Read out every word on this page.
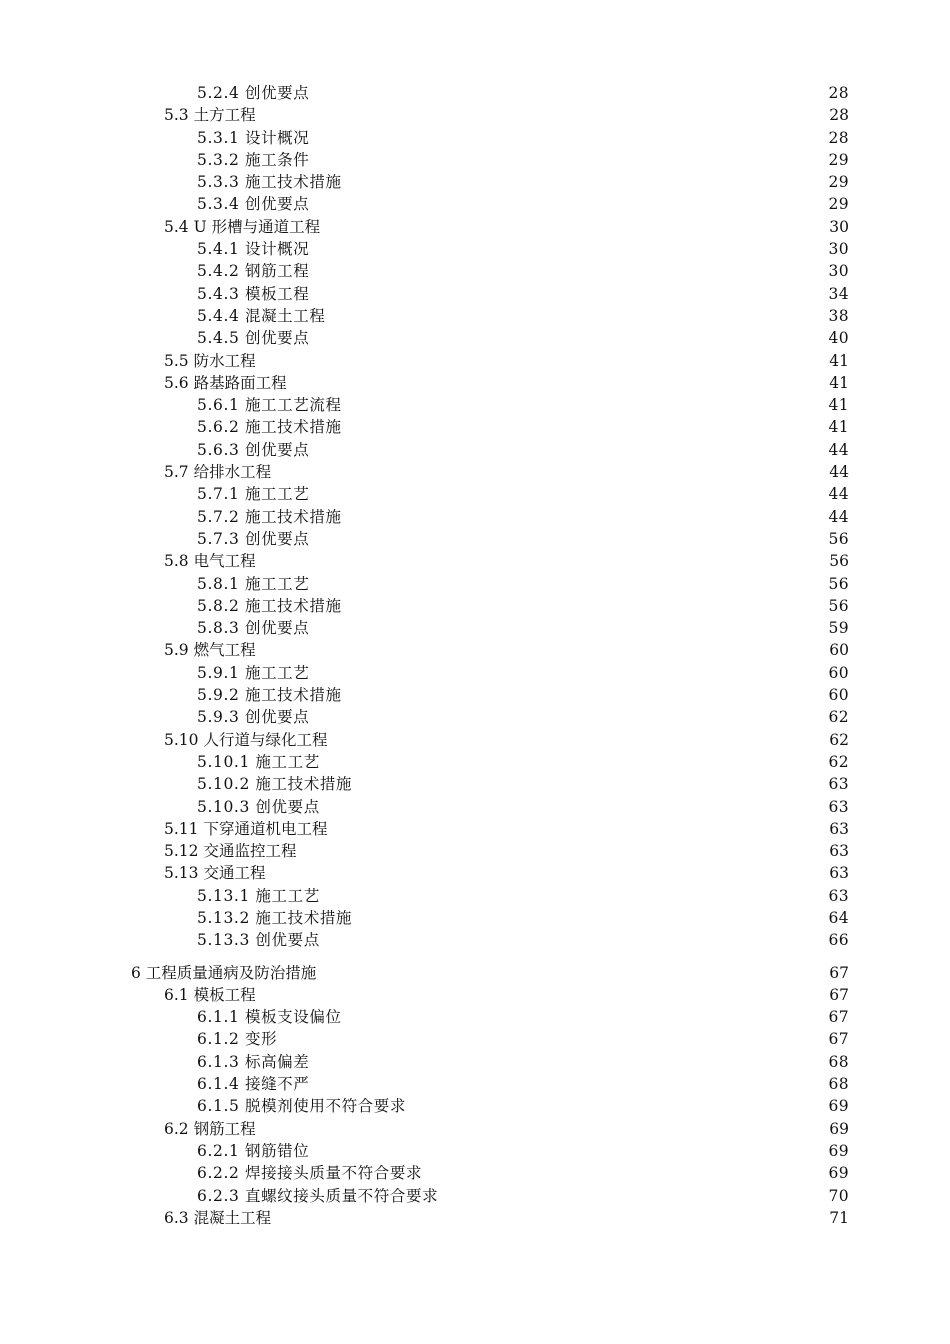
5.2.4 创优要点	28
5.3 土方工程	28
5.3.1 设计概况	28
5.3.2 施工条件	29
5.3.3 施工技术措施	29
5.3.4 创优要点	29
5.4 U 形槽与通道工程	30
5.4.1 设计概况	30
5.4.2 钢筋工程	30
5.4.3 模板工程	34
5.4.4 混凝土工程	38
5.4.5 创优要点	40
5.5 防水工程	41
5.6 路基路面工程	41
5.6.1 施工工艺流程	41
5.6.2 施工技术措施	41
5.6.3 创优要点	44
5.7 给排水工程	44
5.7.1 施工工艺	44
5.7.2 施工技术措施	44
5.7.3 创优要点	56
5.8 电气工程	56
5.8.1 施工工艺	56
5.8.2 施工技术措施	56
5.8.3 创优要点	59
5.9 燃气工程	60
5.9.1 施工工艺	60
5.9.2 施工技术措施	60
5.9.3 创优要点	62
5.10 人行道与绿化工程	62
5.10.1 施工工艺	62
5.10.2 施工技术措施	63
5.10.3 创优要点	63
5.11 下穿通道机电工程	63
5.12 交通监控工程	63
5.13 交通工程	63
5.13.1 施工工艺	63
5.13.2 施工技术措施	64
5.13.3 创优要点	66
6 工程质量通病及防治措施	67
6.1 模板工程	67
6.1.1 模板支设偏位	67
6.1.2 变形	67
6.1.3 标高偏差	68
6.1.4 接缝不严	68
6.1.5 脱模剂使用不符合要求	69
6.2 钢筋工程	69
6.2.1 钢筋错位	69
6.2.2 焊接接头质量不符合要求	69
6.2.3 直螺纹接头质量不符合要求	70
6.3 混凝土工程	71
